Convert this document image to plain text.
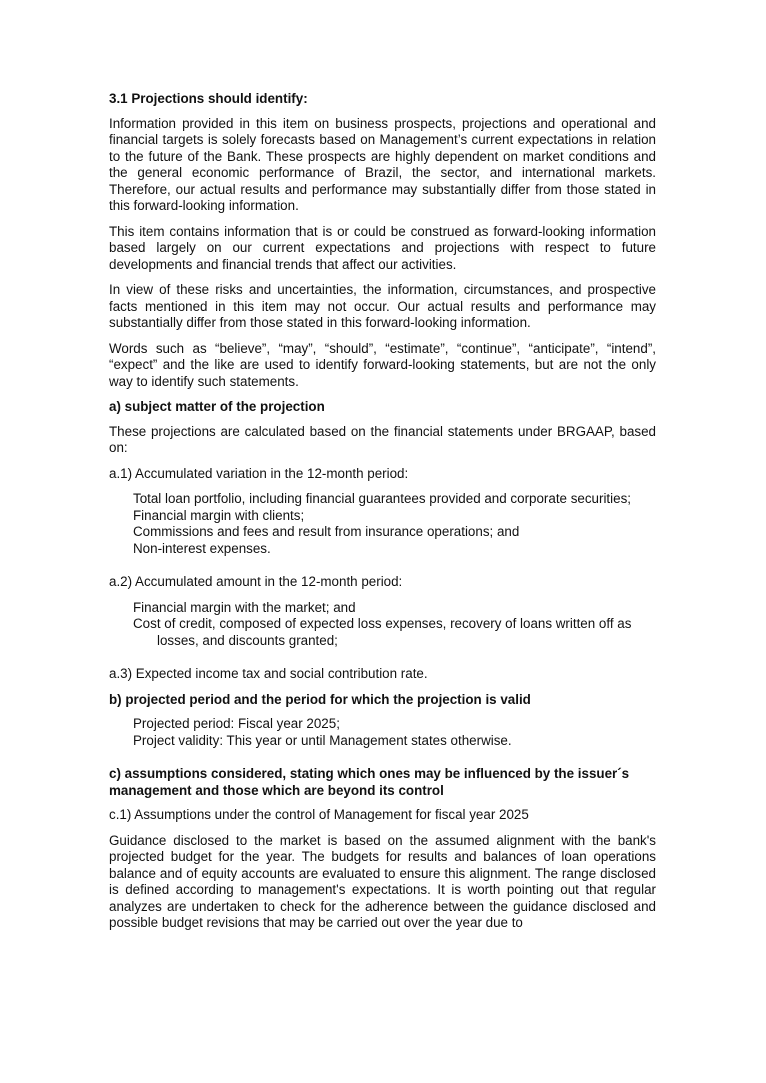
3.1 Projections should identify:

Information provided in this item on business prospects, projections and operational and financial targets is solely forecasts based on Management’s current expectations in relation to the future of the Bank. These prospects are highly dependent on market conditions and the general economic performance of Brazil, the sector, and international markets. Therefore, our actual results and performance may substantially differ from those stated in this forward-looking information.

This item contains information that is or could be construed as forward-looking information based largely on our current expectations and projections with respect to future developments and financial trends that affect our activities.

In view of these risks and uncertainties, the information, circumstances, and prospective facts mentioned in this item may not occur. Our actual results and performance may substantially differ from those stated in this forward-looking information.

Words such as “believe”, “may”, “should”, “estimate”, “continue”, “anticipate”, “intend”, “expect” and the like are used to identify forward-looking statements, but are not the only way to identify such statements.

a) subject matter of the projection

These projections are calculated based on the financial statements under BRGAAP, based on:

a.1) Accumulated variation in the 12-month period:

Total loan portfolio, including financial guarantees provided and corporate securities;
Financial margin with clients;
Commissions and fees and result from insurance operations; and
Non-interest expenses.

a.2) Accumulated amount in the 12-month period:

Financial margin with the market; and
Cost of credit, composed of expected loss expenses, recovery of loans written off as losses, and discounts granted;

a.3) Expected income tax and social contribution rate.

b) projected period and the period for which the projection is valid
Projected period: Fiscal year 2025;
Project validity: This year or until Management states otherwise.
c) assumptions considered, stating which ones may be influenced by the issuer´s management and those which are beyond its control

c.1) Assumptions under the control of Management for fiscal year 2025

Guidance disclosed to the market is based on the assumed alignment with the bank's projected budget for the year. The budgets for results and balances of loan operations balance and of equity accounts are evaluated to ensure this alignment. The range disclosed is defined according to management's expectations. It is worth pointing out that regular analyzes are undertaken to check for the adherence between the guidance disclosed and possible budget revisions that may be carried out over the year due to
